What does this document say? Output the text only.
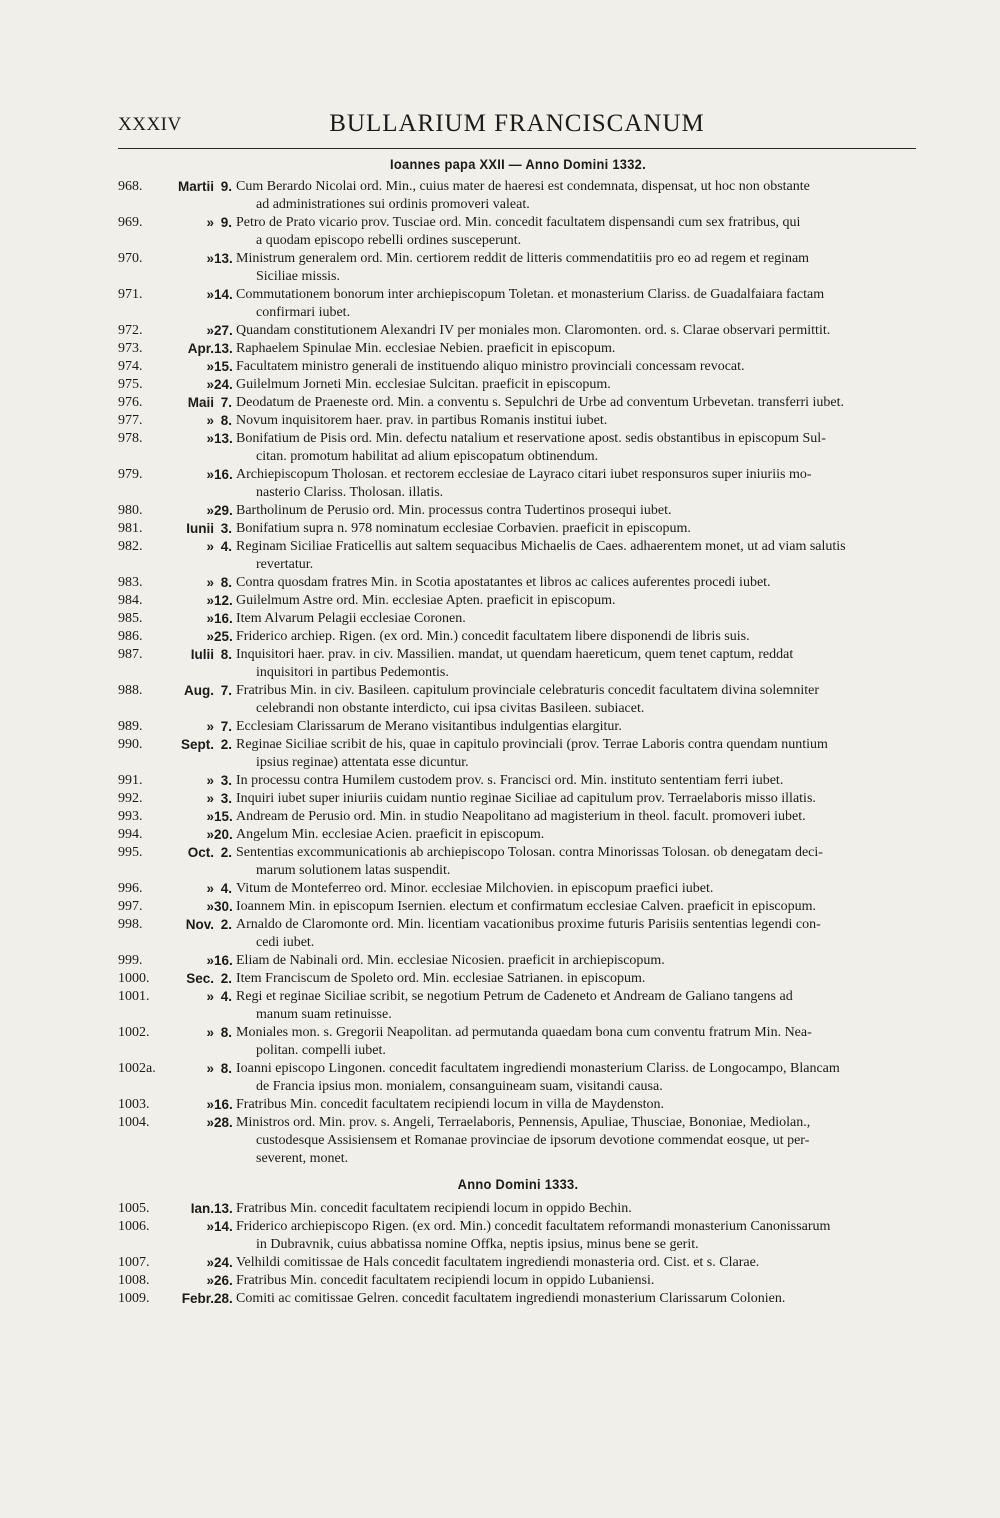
XXXIV	BULLARIUM FRANCISCANUM
Ioannes papa XXII — Anno Domini 1332.
968.	Martii 9. Cum Berardo Nicolai ord. Min., cuius mater de haeresi est condemnata, dispensat, ut hoc non obstante
ad administrationes sui ordinis promoveri valeat.
969.	» 9. Petro de Prato vicario prov. Tusciae ord. Min. concedit facultatem dispensandi cum sex fratribus, qui
a quodam episcopo rebelli ordines susceperunt.
970.	» 13. Ministrum generalem ord. Min. certiorem reddit de litteris commendatitiis pro eo ad regem et reginam
Siciliae missis.
971.	» 14. Commutationem bonorum inter archiepiscopum Toletan. et monasterium Clariss. de Guadalfaiara factam
confirmari iubet.
972.	» 27. Quandam constitutionem Alexandri IV per moniales mon. Claromonten. ord. s. Clarae observari permittit.
973.	Apr. 13. Raphaelem Spinulae Min. ecclesiae Nebien. praeficit in episcopum.
974.	» 15. Facultatem ministro generali de instituendo aliquo ministro provinciali concessam revocat.
975.	» 24. Guilelmum Jorneti Min. ecclesiae Sulcitan. praeficit in episcopum.
976.	Maii 7. Deodatum de Praeneste ord. Min. a conventu s. Sepulchri de Urbe ad conventum Urbevetan. transferri iubet.
977.	» 8. Novum inquisitorem haer. prav. in partibus Romanis institui iubet.
978.	» 13. Bonifatium de Pisis ord. Min. defectu natalium et reservatione apost. sedis obstantibus in episcopum Sul-
citan. promotum habilitat ad alium episcopatum obtinendum.
979.	» 16. Archiepiscopum Tholosan. et rectorem ecclesiae de Layraco citari iubet responsuros super iniuriis mo-
nasterio Clariss. Tholosan. illatis.
980.	» 29. Bartholinum de Perusio ord. Min. processus contra Tudertinos prosequi iubet.
981.	Iunii 3. Bonifatium supra n. 978 nominatum ecclesiae Corbavien. praeficit in episcopum.
982.	» 4. Reginam Siciliae Fraticellis aut saltem sequacibus Michaelis de Caes. adhaerentem monet, ut ad viam salutis
revertatur.
983.	» 8. Contra quosdam fratres Min. in Scotia apostatantes et libros ac calices auferentes procedi iubet.
984.	» 12. Guilelmum Astre ord. Min. ecclesiae Apten. praeficit in episcopum.
985.	» 16. Item Alvarum Pelagii ecclesiae Coronen.
986.	» 25. Friderico archiep. Rigen. (ex ord. Min.) concedit facultatem libere disponendi de libris suis.
987.	Iulii 8. Inquisitori haer. prav. in civ. Massilien. mandat, ut quendam haereticum, quem tenet captum, reddat
inquisitori in partibus Pedemontis.
988.	Aug. 7. Fratribus Min. in civ. Basileen. capitulum provinciale celebraturis concedit facultatem divina solemniter
celebrandi non obstante interdicto, cui ipsa civitas Basileen. subiacet.
989.	» 7. Ecclesiam Clarissarum de Merano visitantibus indulgentias elargitur.
990.	Sept. 2. Reginae Siciliae scribit de his, quae in capitulo provinciali (prov. Terrae Laboris contra quendam nuntium
ipsius reginae) attentata esse dicuntur.
991.	» 3. In processu contra Humilem custodem prov. s. Francisci ord. Min. instituto sententiam ferri iubet.
992.	» 3. Inquiri iubet super iniuriis cuidam nuntio reginae Siciliae ad capitulum prov. Terraelaboris misso illatis.
993.	» 15. Andream de Perusio ord. Min. in studio Neapolitano ad magisterium in theol. facult. promoveri iubet.
994.	» 20. Angelum Min. ecclesiae Acien. praeficit in episcopum.
995.	Oct. 2. Sententias excommunicationis ab archiepiscopo Tolosan. contra Minorissas Tolosan. ob denegatam deci-
marum solutionem latas suspendit.
996.	» 4. Vitum de Monteferreo ord. Minor. ecclesiae Milchovien. in episcopum praefici iubet.
997.	» 30. Ioannem Min. in episcopum Isernien. electum et confirmatum ecclesiae Calven. praeficit in episcopum.
998.	Nov. 2. Arnaldo de Claromonte ord. Min. licentiam vacationibus proxime futuris Parisiis sententias legendi con-
cedi iubet.
999.	» 16. Eliam de Nabinali ord. Min. ecclesiae Nicosien. praeficit in archiepiscopum.
1000.	Sec. 2. Item Franciscum de Spoleto ord. Min. ecclesiae Satrianen. in episcopum.
1001.	» 4. Regi et reginae Siciliae scribit, se negotium Petrum de Cadeneto et Andream de Galiano tangens ad
manum suam retinuisse.
1002.	» 8. Moniales mon. s. Gregorii Neapolitan. ad permutanda quaedam bona cum conventu fratrum Min. Nea-
politan. compelli iubet.
1002a.	» 8. Ioanni episcopo Lingonen. concedit facultatem ingrediendi monasterium Clariss. de Longocampo, Blancam
de Francia ipsius mon. monialem, consanguineam suam, visitandi causa.
1003.	» 16. Fratribus Min. concedit facultatem recipiendi locum in villa de Maydenston.
1004.	» 28. Ministros ord. Min. prov. s. Angeli, Terraelaboris, Pennensis, Apuliae, Thusciae, Bononiae, Mediolan.,
custodesque Assisiensem et Romanae provinciae de ipsorum devotione commendat eosque, ut per-
severent, monet.
Anno Domini 1333.
1005.	Ian. 13. Fratribus Min. concedit facultatem recipiendi locum in oppido Bechin.
1006.	» 14. Friderico archiepiscopo Rigen. (ex ord. Min.) concedit facultatem reformandi monasterium Canonissarum
in Dubravnik, cuius abbatissa nomine Offka, neptis ipsius, minus bene se gerit.
1007.	» 24. Velhildi comitissae de Hals concedit facultatem ingrediendi monasteria ord. Cist. et s. Clarae.
1008.	» 26. Fratribus Min. concedit facultatem recipiendi locum in oppido Lubaniensi.
1009.	Febr. 28. Comiti ac comitissae Gelren. concedit facultatem ingrediendi monasterium Clarissarum Colonien.
